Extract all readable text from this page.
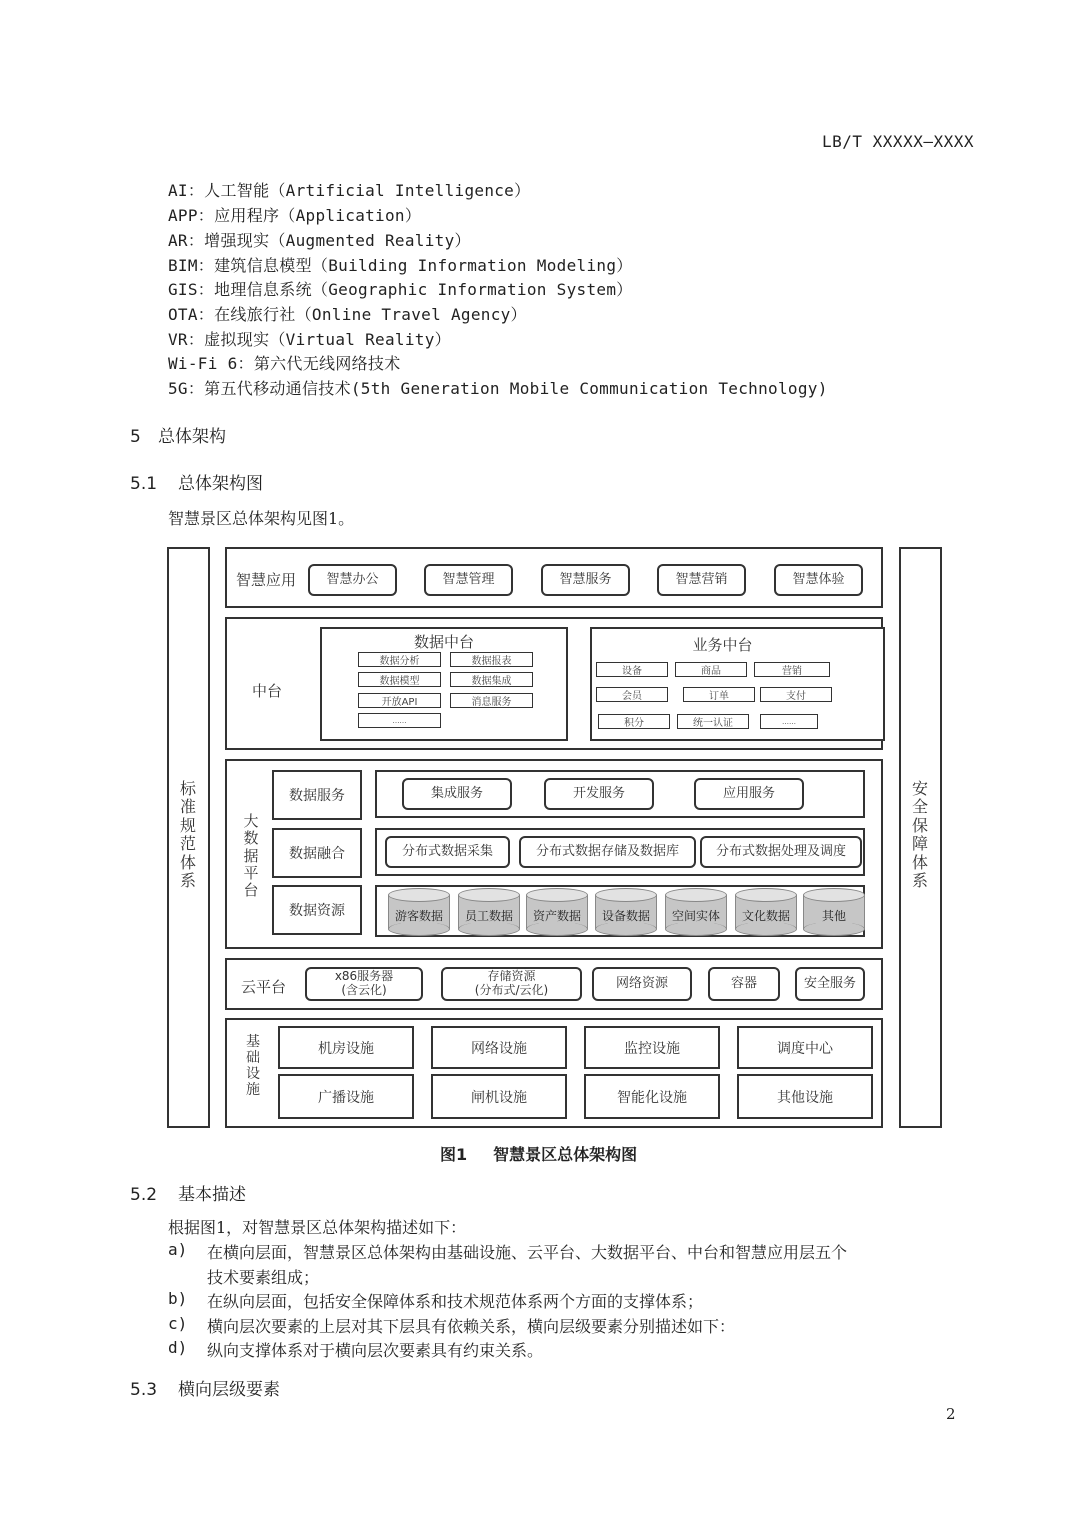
LB/T XXXXX—XXXX
AI：人工智能（Artificial Intelligence）
APP：应用程序（Application）
AR：增强现实（Augmented Reality）
BIM：建筑信息模型（Building Information Modeling）
GIS：地理信息系统（Geographic Information System）
OTA：在线旅行社（Online Travel Agency）
VR：虚拟现实（Virtual Reality）
Wi-Fi 6：第六代无线网络技术
5G：第五代移动通信技术(5th Generation Mobile Communication Technology)
5 总体架构
5.1 总体架构图
智慧景区总体架构见图1。
标准规范体系
安全保障体系
智慧应用	智慧办公	智慧管理	智慧服务	智慧营销	智慧体验
中台
数据中台
数据分析	数据报表
数据模型	数据集成
开放API	消息服务
……
业务中台
设备	商品	营销
会员	订单	支付
积分	统一认证	……
大数据平台
数据服务	集成服务	开发服务	应用服务
数据融合	分布式数据采集	分布式数据存储及数据库	分布式数据处理及调度
数据资源	游客数据	员工数据	资产数据	设备数据	空间实体	文化数据	其他
云平台
x86服务器
(含云化)
存储资源
(分布式/云化)	网络资源	容器	安全服务
基础设施
机房设施	网络设施	监控设施	调度中心
广播设施	闸机设施	智能化设施	其他设施
图1 智慧景区总体架构图
5.2 基本描述
根据图1，对智慧景区总体架构描述如下：
a) 在横向层面，智慧景区总体架构由基础设施、云平台、大数据平台、中台和智慧应用层五个
技术要素组成；
b) 在纵向层面，包括安全保障体系和技术规范体系两个方面的支撑体系；
c) 横向层次要素的上层对其下层具有依赖关系，横向层级要素分别描述如下：
d) 纵向支撑体系对于横向层次要素具有约束关系。
5.3 横向层级要素
2
